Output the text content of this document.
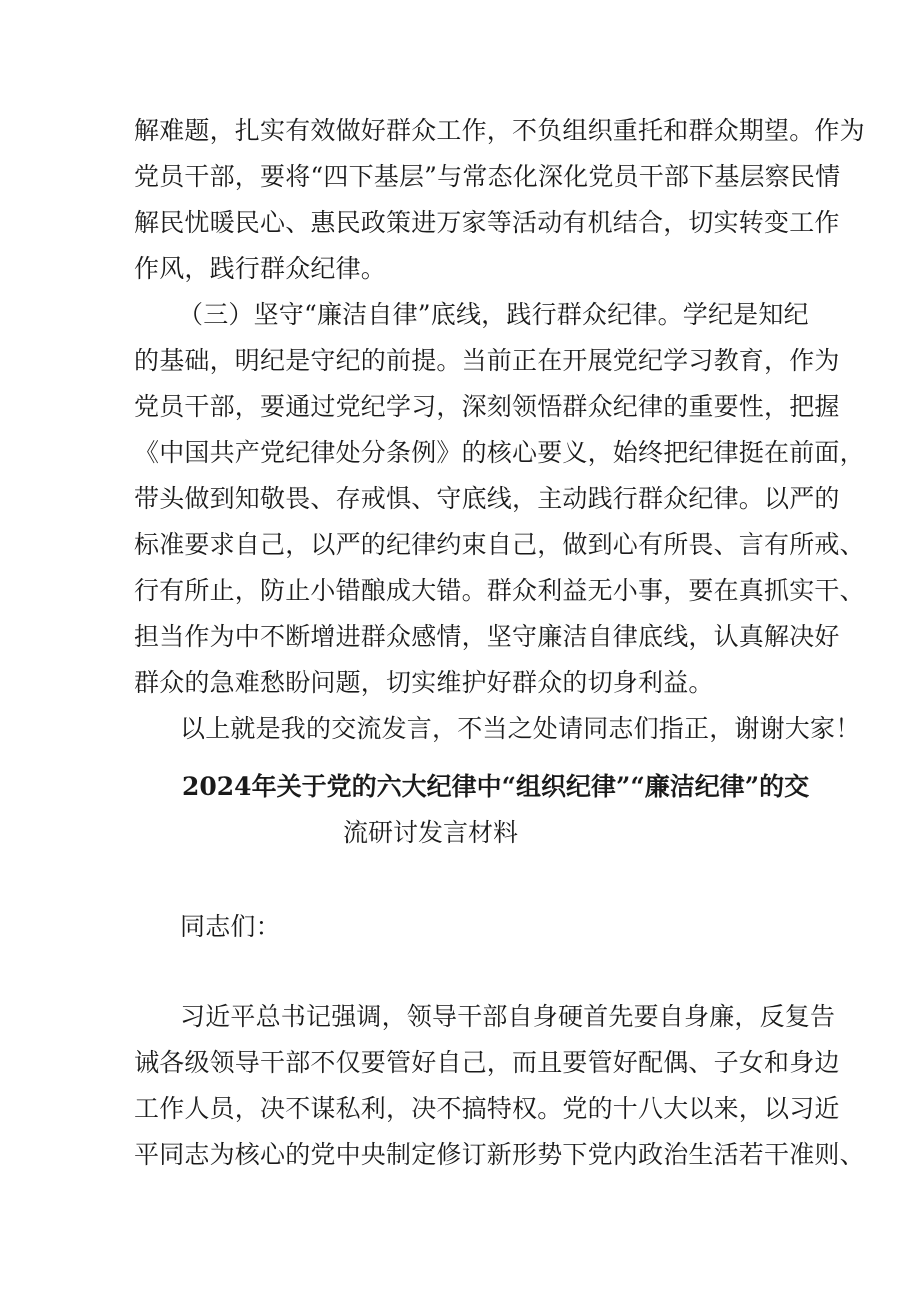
解难题，扎实有效做好群众工作，不负组织重托和群众期望。作为
党员干部，要将“四下基层”与常态化深化党员干部下基层察民情
解民忧暖民心、惠民政策进万家等活动有机结合，切实转变工作
作风，践行群众纪律。
（三）坚守“廉洁自律”底线，践行群众纪律。学纪是知纪
的基础，明纪是守纪的前提。当前正在开展党纪学习教育，作为
党员干部，要通过党纪学习，深刻领悟群众纪律的重要性，把握
《中国共产党纪律处分条例》的核心要义，始终把纪律挺在前面，
带头做到知敬畏、存戒惧、守底线，主动践行群众纪律。以严的
标准要求自己，以严的纪律约束自己，做到心有所畏、言有所戒、
行有所止，防止小错酿成大错。群众利益无小事，要在真抓实干、
担当作为中不断增进群众感情，坚守廉洁自律底线，认真解决好
群众的急难愁盼问题，切实维护好群众的切身利益。
以上就是我的交流发言，不当之处请同志们指正，谢谢大家！
2024年关于党的六大纪律中“组织纪律”“廉洁纪律”的交
流研讨发言材料
同志们：
习近平总书记强调，领导干部自身硬首先要自身廉，反复告
诫各级领导干部不仅要管好自己，而且要管好配偶、子女和身边
工作人员，决不谋私利，决不搞特权。党的十八大以来，以习近
平同志为核心的党中央制定修订新形势下党内政治生活若干准则、
